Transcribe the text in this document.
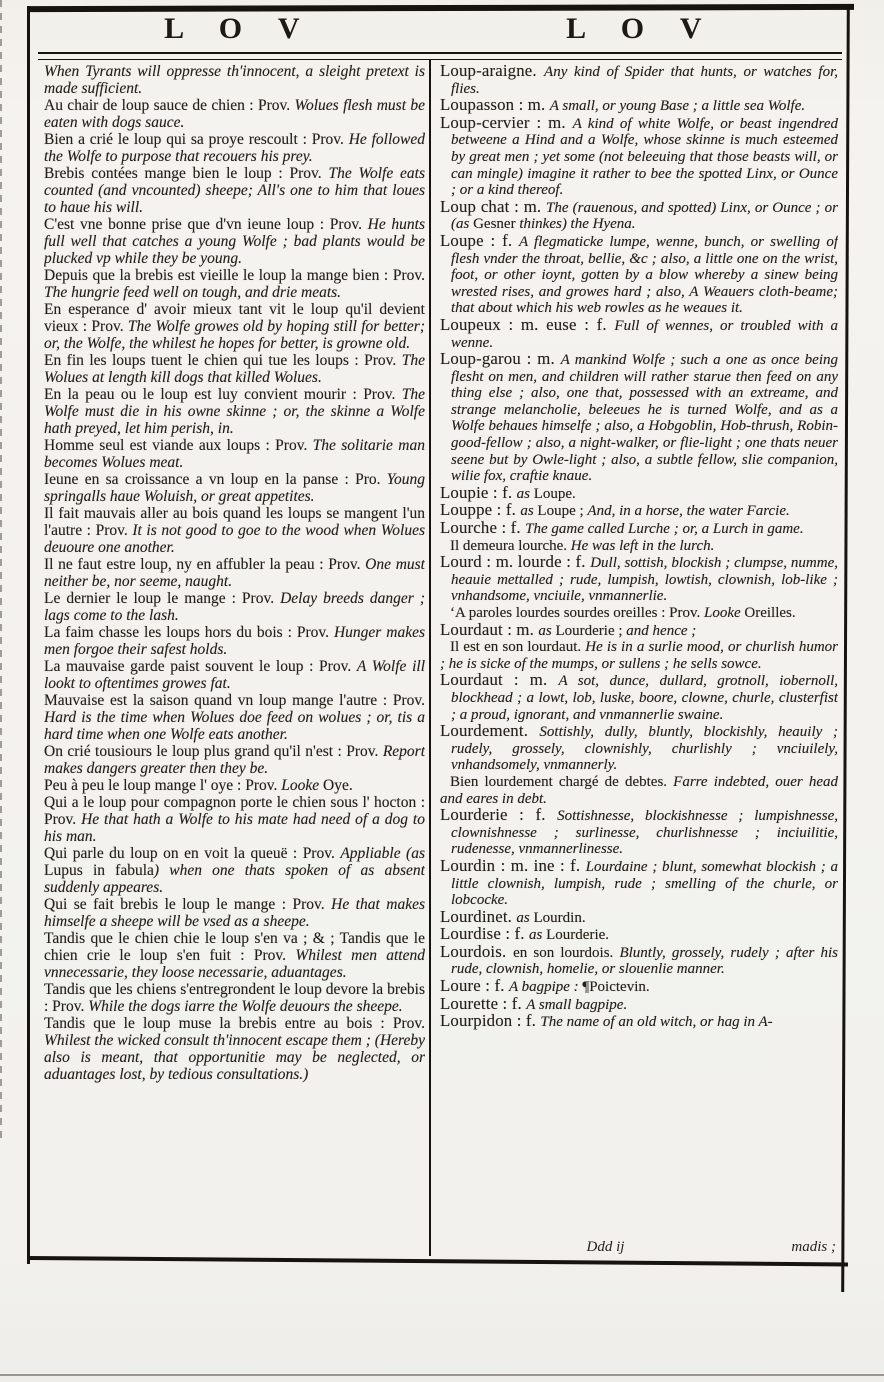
L O V	L O V

When Tyrants will oppresse th'innocent, a sleight pretext is made sufficient.

Au chair de loup sauce de chien : Prov. Wolues flesh must be eaten with dogs sauce.

Bien a crié le loup qui sa proye rescoult : Prov. He followed the Wolfe to purpose that recouers his prey.

Brebis contées mange bien le loup : Prov. The Wolfe eats counted (and vncounted) sheepe; All's one to him that loues to haue his will.

C'est vne bonne prise que d'vn ieune loup : Prov. He hunts full well that catches a young Wolfe ; bad plants would be plucked vp while they be young.

Depuis que la brebis est vieille le loup la mange bien : Prov. The hungrie feed well on tough, and drie meats.

En esperance d' avoir mieux tant vit le loup qu'il devient vieux : Prov. The Wolfe growes old by hoping still for better; or, the Wolfe, the whilest he hopes for better, is growne old.

En fin les loups tuent le chien qui tue les loups : Prov. The Wolues at length kill dogs that killed Wolues.

En la peau ou le loup est luy convient mourir : Prov. The Wolfe must die in his owne skinne ; or, the skinne a Wolfe hath preyed, let him perish, in.

Homme seul est viande aux loups : Prov. The solitarie man becomes Wolues meat.

Ieune en sa croissance a vn loup en la panse : Pro. Young springalls haue Woluish, or great appetites.

Il fait mauvais aller au bois quand les loups se mangent l'un l'autre : Prov. It is not good to goe to the wood when Wolues deuoure one another.

Il ne faut estre loup, ny en affubler la peau : Prov. One must neither be, nor seeme, naught.

Le dernier le loup le mange : Prov. Delay breeds danger ; lags come to the lash.

La faim chasse les loups hors du bois : Prov. Hunger makes men forgoe their safest holds.

La mauvaise garde paist souvent le loup : Prov. A Wolfe ill lookt to oftentimes growes fat.

Mauvaise est la saison quand vn loup mange l'autre : Prov. Hard is the time when Wolues doe feed on wolues ; or, tis a hard time when one Wolfe eats another.

On crié tousiours le loup plus grand qu'il n'est : Prov. Report makes dangers greater then they be.

Peu à peu le loup mange l' oye : Prov. Looke Oye.

Qui a le loup pour compagnon porte le chien sous l' hocton : Prov. He that hath a Wolfe to his mate had need of a dog to his man.

Qui parle du loup on en voit la queuë : Prov. Appliable (as Lupus in fabula) when one thats spoken of as absent suddenly appeares.

Qui se fait brebis le loup le mange : Prov. He that makes himselfe a sheepe will be vsed as a sheepe.

Tandis que le chien chie le loup s'en va ; & ; Tandis que le chien crie le loup s'en fuit : Prov. Whilest men attend vnnecessarie, they loose necessarie, aduantages.

Tandis que les chiens s'entregrondent le loup devore la brebis : Prov. While the dogs iarre the Wolfe deuours the sheepe.

Tandis que le loup muse la brebis entre au bois : Prov. Whilest the wicked consult th'innocent escape them ; (Hereby also is meant, that opportunitie may be neglected, or aduantages lost, by tedious consultations.)

Loup-araigne. Any kind of Spider that hunts, or watches for, flies.

Loupasson : m. A small, or young Base ; a little sea Wolfe.

Loup-cervier : m. A kind of white Wolfe, or beast ingendred betweene a Hind and a Wolfe, whose skinne is much esteemed by great men ; yet some (not beleeuing that those beasts will, or can mingle) imagine it rather to bee the spotted Linx, or Ounce ; or a kind thereof.

Loup chat : m. The (rauenous, and spotted) Linx, or Ounce ; or (as Gesner thinkes) the Hyena.

Loupe : f. A flegmaticke lumpe, wenne, bunch, or swelling of flesh vnder the throat, bellie, &c ; also, a little one on the wrist, foot, or other ioynt, gotten by a blow whereby a sinew being wrested rises, and growes hard ; also, A Weauers cloth-beame; that about which his web rowles as he weaues it.

Loupeux : m. euse : f. Full of wennes, or troubled with a wenne.

Loup-garou : m. A mankind Wolfe ; such a one as once being flesht on men, and children will rather starue then feed on any thing else ; also, one that, possessed with an extreame, and strange melancholie, beleeues he is turned Wolfe, and as a Wolfe behaues himselfe ; also, a Hobgoblin, Hob-thrush, Robin-good-fellow ; also, a night-walker, or flie-light ; one thats neuer seene but by Owle-light ; also, a subtle fellow, slie companion, wilie fox, craftie knaue.

Loupie : f. as Loupe.

Louppe : f. as Loupe ; And, in a horse, the water Farcie.

Lourche : f. The game called Lurche ; or, a Lurch in game.

Il demeura lourche. He was left in the lurch.

Lourd : m. lourde : f. Dull, sottish, blockish ; clumpse, numme, heauie mettalled ; rude, lumpish, lowtish, clownish, lob-like ; vnhandsome, vnciuile, vnmannerlie.

‘A paroles lourdes sourdes oreilles : Prov. Looke Oreilles.

Lourdaut : m. as Lourderie ; and hence ;

Il est en son lourdaut. He is in a surlie mood, or churlish humor ; he is sicke of the mumps, or sullens ; he sells sowce.

Lourdaut : m. A sot, dunce, dullard, grotnoll, iobernoll, blockhead ; a lowt, lob, luske, boore, clowne, churle, clusterfist ; a proud, ignorant, and vnmannerlie swaine.

Lourdement. Sottishly, dully, bluntly, blockishly, heauily ; rudely, grossely, clownishly, churlishly ; vnciuilely, vnhandsomely, vnmannerly.

Bien lourdement chargé de debtes. Farre indebted, ouer head and eares in debt.

Lourderie : f. Sottishnesse, blockishnesse ; lumpishnesse, clownishnesse ; surlinesse, churlishnesse ; inciuilitie, rudenesse, vnmannerlinesse.

Lourdin : m. ine : f. Lourdaine ; blunt, somewhat blockish ; a little clownish, lumpish, rude ; smelling of the churle, or lobcocke.

Lourdinet. as Lourdin.

Lourdise : f. as Lourderie.

Lourdois. en son lourdois. Bluntly, grossely, rudely ; after his rude, clownish, homelie, or slouenlie manner.

Loure : f. A bagpipe : ¶Poictevin.

Lourette : f. A small bagpipe.

Lourpidon : f. The name of an old witch, or hag in A-

Ddd ij	madis ;
